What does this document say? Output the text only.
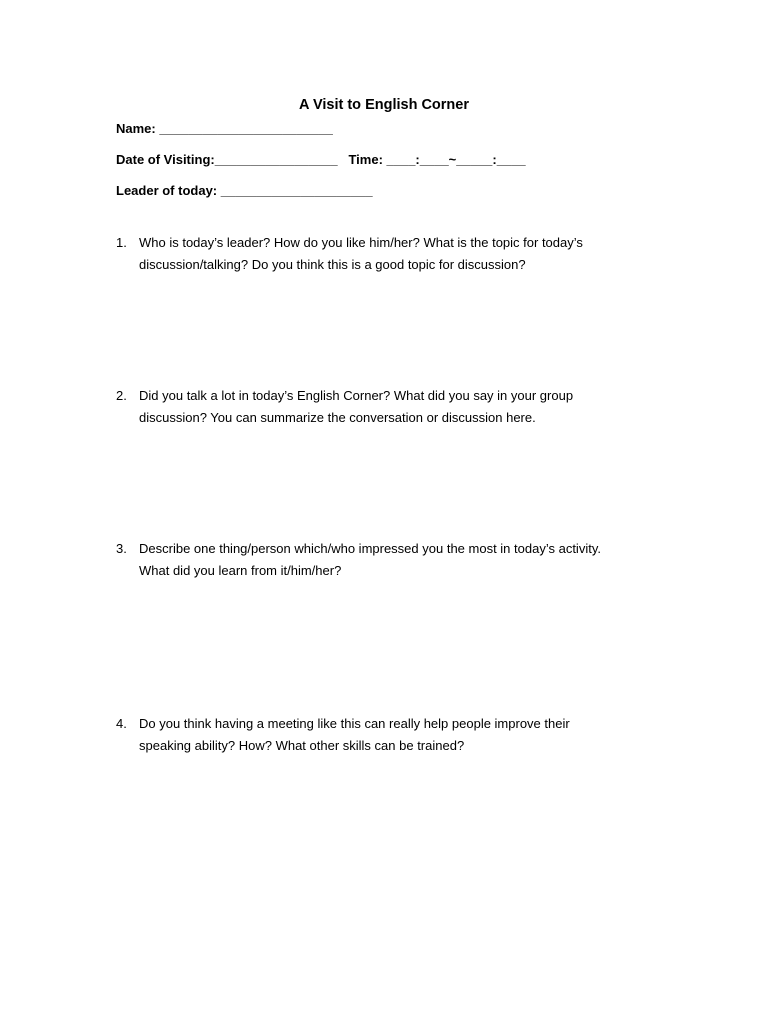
A Visit to English Corner
Name: ________________________
Date of Visiting:_________________   Time: ____:____~_____:____
Leader of today: _____________________
1. Who is today’s leader? How do you like him/her? What is the topic for today’s
discussion/talking? Do you think this is a good topic for discussion?
2. Did you talk a lot in today’s English Corner? What did you say in your group
discussion? You can summarize the conversation or discussion here.
3. Describe one thing/person which/who impressed you the most in today’s activity.
What did you learn from it/him/her?
4. Do you think having a meeting like this can really help people improve their
speaking ability? How? What other skills can be trained?
